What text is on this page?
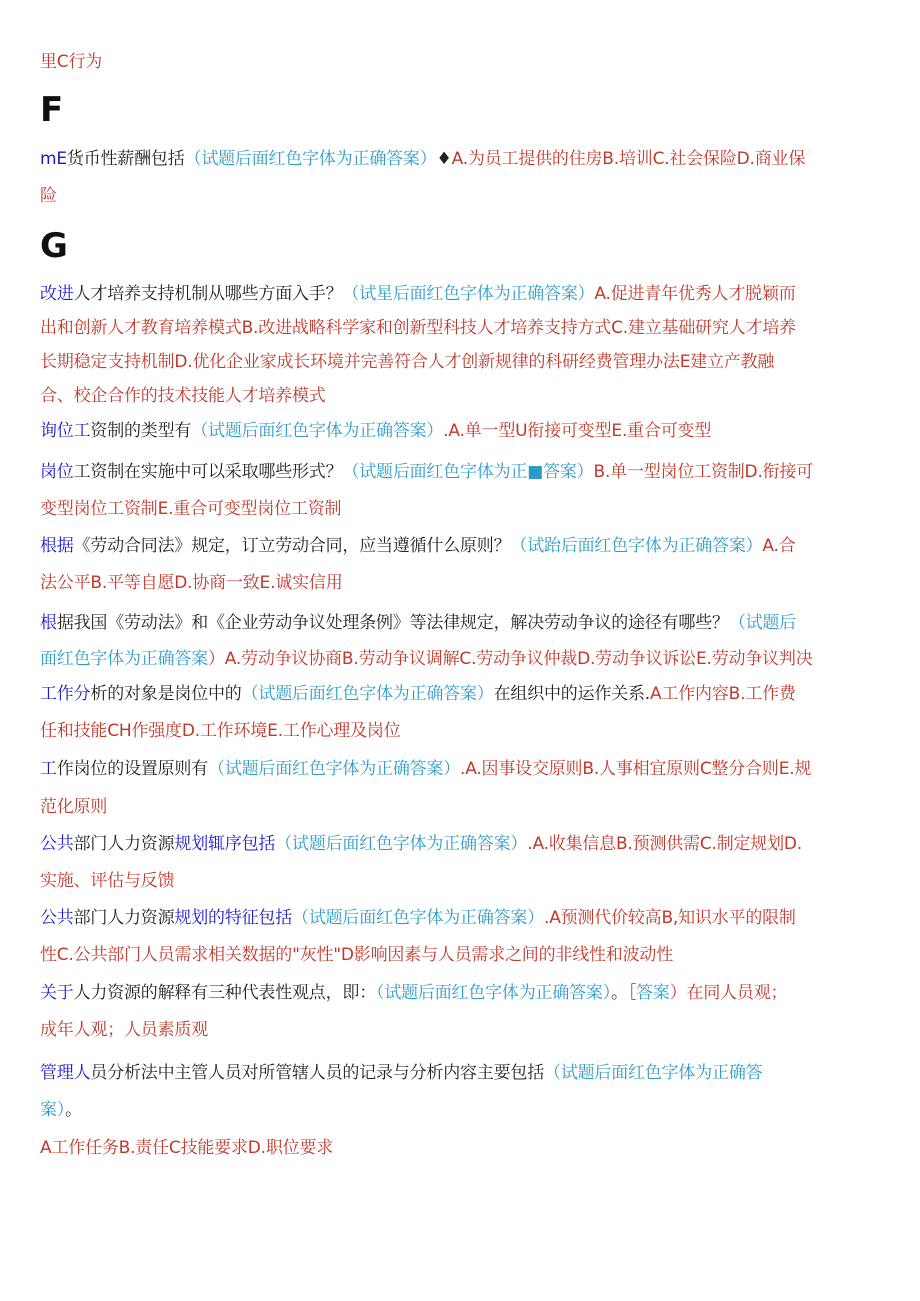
里C行为
F
mE货币性薪酬包括（试题后面红色字体为正确答案）♦A.为员工提供的住房B.培训C.社会保险D.商业保
险
G
改进人才培养支持机制从哪些方面入手？（试星后面红色字体为正确答案）A.促进青年优秀人才脱颖而
出和创新人才教育培养模式B.改进战略科学家和创新型科技人才培养支持方式C.建立基础研究人才培养
长期稳定支持机制D.优化企业家成长环境并完善符合人才创新规律的科研经费管理办法E建立产教融
合、校企合作的技术技能人才培养模式
询位工资制的类型有（试题后面红色字体为正确答案）.A.单一型U衔接可变型E.重合可变型
岗位工资制在实施中可以采取哪些形式？（试题后面红色字体为正■答案）B.单一型岗位工资制D.衔接可
变型岗位工资制E.重合可变型岗位工资制
根据《劳动合同法》规定，订立劳动合同，应当遵循什么原则？（试跆后面红色字体为正确答案）A.合
法公平B.平等自愿D.协商一致E.诚实信用
根据我国《劳动法》和《企业劳动争议处理条例》等法律规定，解决劳动争议的途径有哪些？（试题后
面红色字体为正确答案）A.劳动争议协商B.劳动争议调解C.劳动争议仲裁D.劳动争议诉讼E.劳动争议判决
工作分析的对象是岗位中的（试题后面红色字体为正确答案）在组织中的运作关系.A工作内容B.工作费
任和技能CH作强度D.工作环境E.工作心理及岗位
工作岗位的设置原则有（试题后面红色字体为正确答案）.A.因事设交原则B.人事相宜原则C整分合则E.规
范化原则
公共部门人力资源规划辄序包括（试题后面红色字体为正确答案）.A.收集信息B.预测供需C.制定规划D.
实施、评估与反馈
公共部门人力资源规划的特征包括（试题后面红色字体为正确答案）.A预测代价较高B,知识水平的限制
性C.公共部门人员需求相关数据的"灰性"D影响因素与人员需求之间的非线性和波动性
关于人力资源的解释有三种代表性观点，即：（试题后面红色字体为正确答案）。［答案）在同人员观；
成年人观；人员素质观
管理人员分析法中主管人员对所管辖人员的记录与分析内容主要包括（试题后面红色字体为正确答
案）。
A工作任务B.责任C技能要求D.职位要求
